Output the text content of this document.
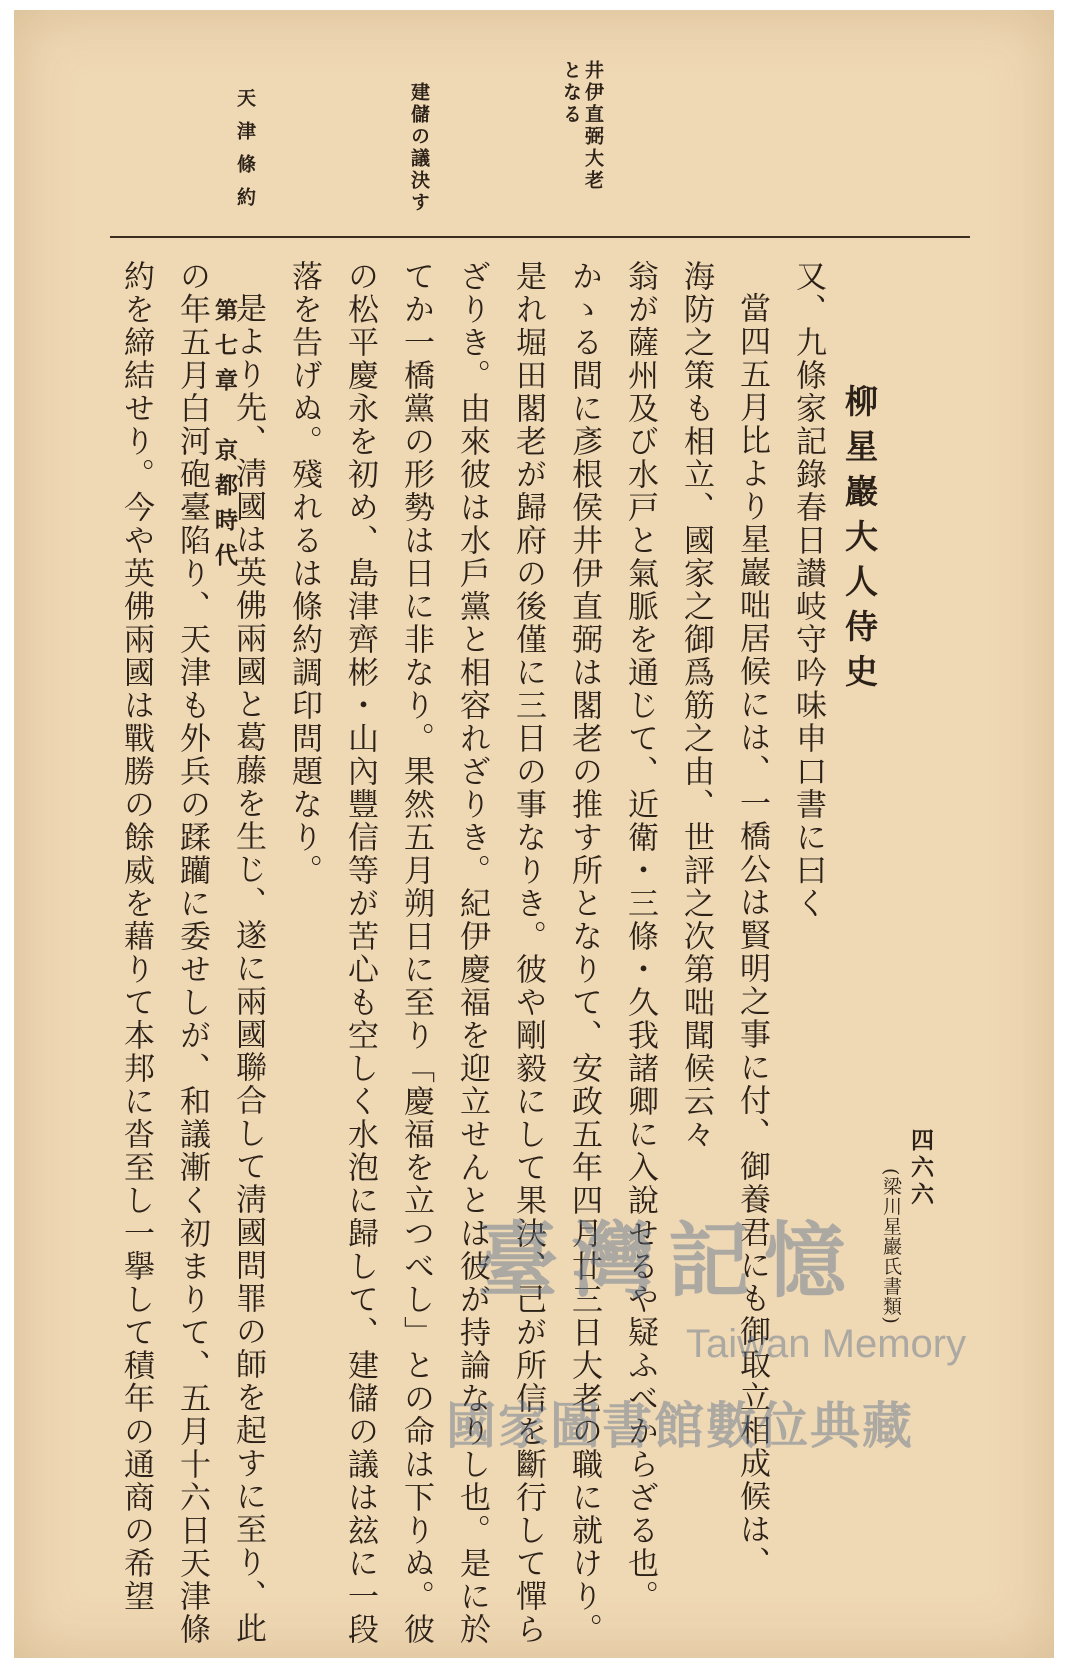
第七章　京都時代
四六六
(梁川星巖氏書類)
井伊直弼大老
となる
建儲の議決す
天津條約
柳星巖大人侍史
又、九條家記錄春日讃岐守吟味申口書に曰く
當四五月比より星巖咄居候には、一橋公は賢明之事に付、御養君にも御取立相成候は、
海防之策も相立、國家之御爲筋之由、世評之次第咄聞候云々
翁が薩州及び水戸と氣脈を通じて、近衛・三條・久我諸卿に入說せるや疑ふべからざる也。
かゝる間に彥根侯井伊直弼は閣老の推す所となりて、安政五年四月廿三日大老の職に就けり。
是れ堀田閣老が歸府の後僅に三日の事なりき。彼や剛毅にして果決、己が所信を斷行して憚ら
ざりき。由來彼は水戶黨と相容れざりき。紀伊慶福を迎立せんとは彼が持論なりし也。是に於
てか一橋黨の形勢は日に非なり。果然五月朔日に至り「慶福を立つべし」との命は下りぬ。彼
の松平慶永を初め、島津齊彬・山內豐信等が苦心も空しく水泡に歸して、建儲の議は玆に一段
落を告げぬ。殘れるは條約調印問題なり。
是より先、淸國は英佛兩國と葛藤を生じ、遂に兩國聯合して淸國問罪の師を起すに至り、此
の年五月白河砲臺陷り、天津も外兵の蹂躪に委せしが、和議漸く初まりて、五月十六日天津條
約を締結せり。今や英佛兩國は戰勝の餘威を藉りて本邦に沓至し一擧して積年の通商の希望	臺灣記憶
Taiwan Memory
國家圖書館數位典藏
